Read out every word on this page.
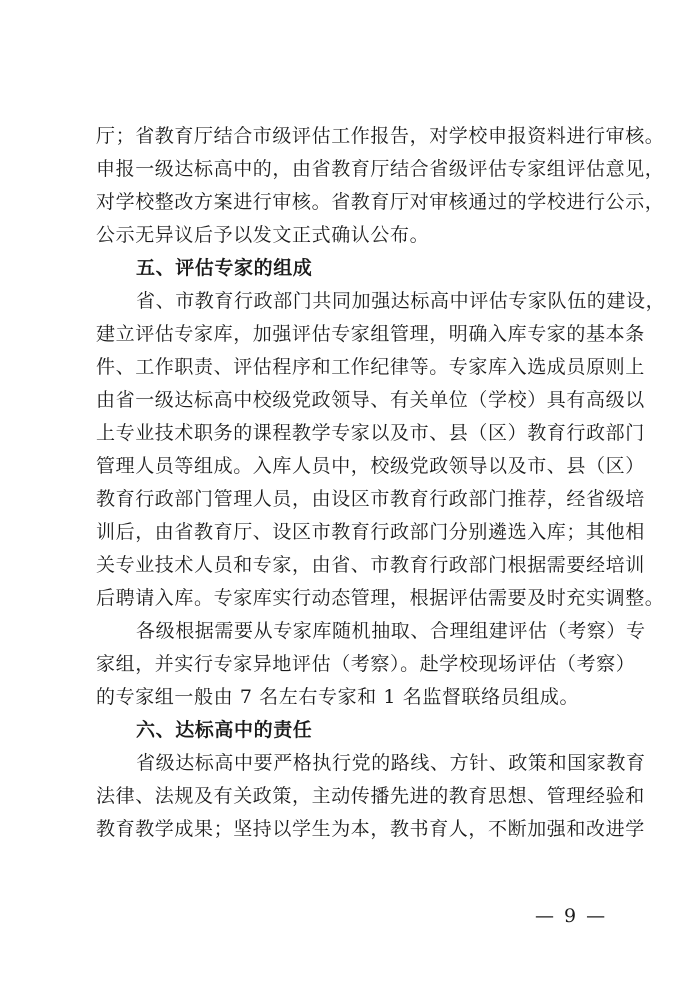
厅；省教育厅结合市级评估工作报告，对学校申报资料进行审核。
申报一级达标高中的，由省教育厅结合省级评估专家组评估意见，
对学校整改方案进行审核。省教育厅对审核通过的学校进行公示，
公示无异议后予以发文正式确认公布。
五、评估专家的组成
省、市教育行政部门共同加强达标高中评估专家队伍的建设，
建立评估专家库，加强评估专家组管理，明确入库专家的基本条
件、工作职责、评估程序和工作纪律等。专家库入选成员原则上
由省一级达标高中校级党政领导、有关单位（学校）具有高级以
上专业技术职务的课程教学专家以及市、县（区）教育行政部门
管理人员等组成。入库人员中，校级党政领导以及市、县（区）
教育行政部门管理人员，由设区市教育行政部门推荐，经省级培
训后，由省教育厅、设区市教育行政部门分别遴选入库；其他相
关专业技术人员和专家，由省、市教育行政部门根据需要经培训
后聘请入库。专家库实行动态管理，根据评估需要及时充实调整。
各级根据需要从专家库随机抽取、合理组建评估（考察）专
家组，并实行专家异地评估（考察）。赴学校现场评估（考察）
的专家组一般由 7 名左右专家和 1 名监督联络员组成。
六、达标高中的责任
省级达标高中要严格执行党的路线、方针、政策和国家教育
法律、法规及有关政策，主动传播先进的教育思想、管理经验和
教育教学成果；坚持以学生为本，教书育人，不断加强和改进学
— 9 —
